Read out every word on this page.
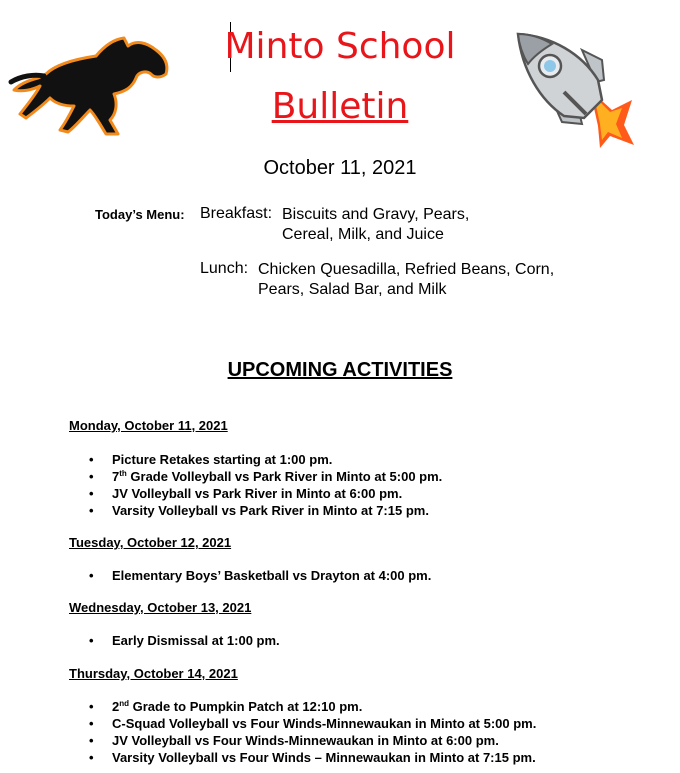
Minto School
Bulletin
October 11, 2021
Today’s Menu: Breakfast: Biscuits and Gravy, Pears,
Cereal, Milk, and Juice
Lunch: Chicken Quesadilla, Refried Beans, Corn,
Pears, Salad Bar, and Milk
UPCOMING ACTIVITIES
Monday, October 11, 2021
• Picture Retakes starting at 1:00 pm.
• 7th Grade Volleyball vs Park River in Minto at 5:00 pm.
• JV Volleyball vs Park River in Minto at 6:00 pm.
• Varsity Volleyball vs Park River in Minto at 7:15 pm.
Tuesday, October 12, 2021
• Elementary Boys’ Basketball vs Drayton at 4:00 pm.
Wednesday, October 13, 2021
• Early Dismissal at 1:00 pm.
Thursday, October 14, 2021
• 2nd Grade to Pumpkin Patch at 12:10 pm.
• C-Squad Volleyball vs Four Winds-Minnewaukan in Minto at 5:00 pm.
• JV Volleyball vs Four Winds-Minnewaukan in Minto at 6:00 pm.
• Varsity Volleyball vs Four Winds – Minnewaukan in Minto at 7:15 pm.
